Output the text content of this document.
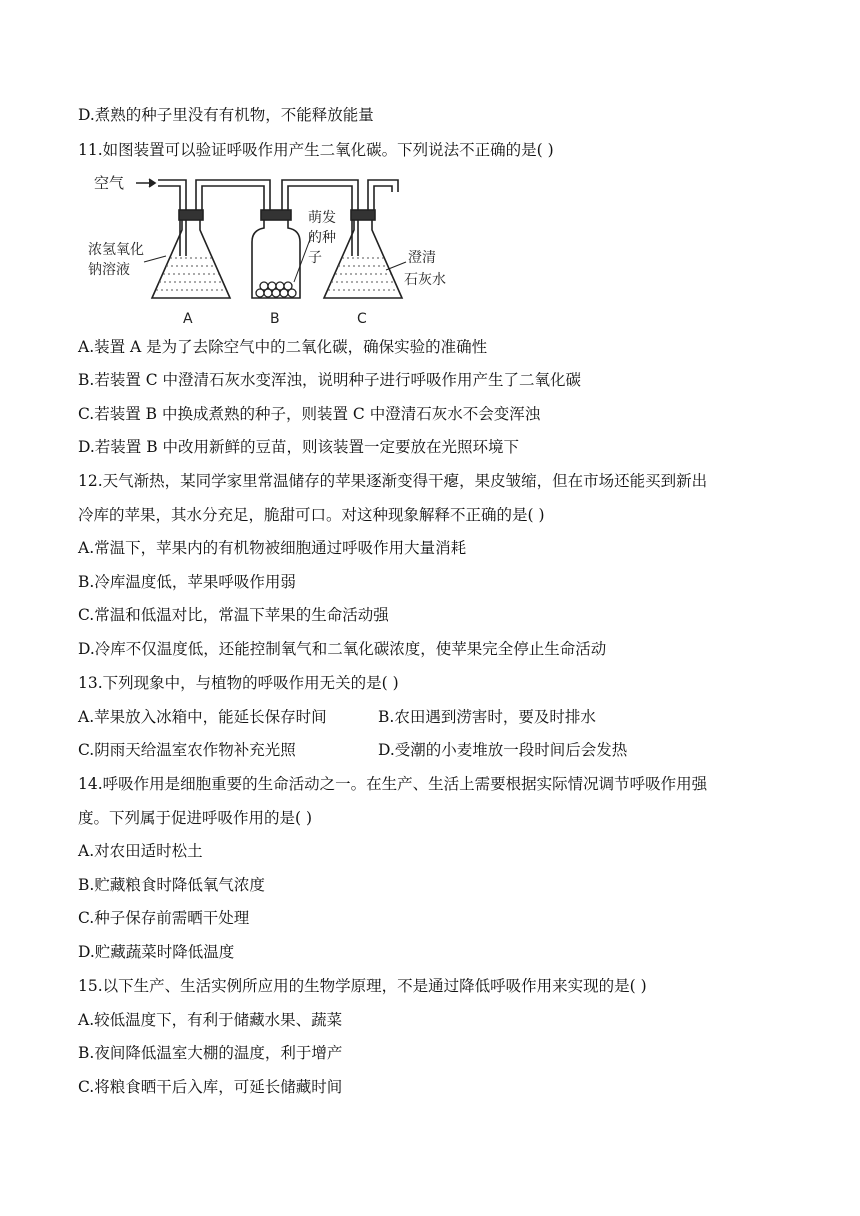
D.煮熟的种子里没有有机物，不能释放能量
11.如图装置可以验证呼吸作用产生二氧化碳。下列说法不正确的是( )
空气
浓氢氧化
钠溶液
萌发
的种
子	澄清
石灰水
A	B	C
A.装置 A 是为了去除空气中的二氧化碳，确保实验的准确性
B.若装置 C 中澄清石灰水变浑浊，说明种子进行呼吸作用产生了二氧化碳
C.若装置 B 中换成煮熟的种子，则装置 C 中澄清石灰水不会变浑浊
D.若装置 B 中改用新鲜的豆苗，则该装置一定要放在光照环境下
12.天气渐热，某同学家里常温储存的苹果逐渐变得干瘪，果皮皱缩，但在市场还能买到新出
冷库的苹果，其水分充足，脆甜可口。对这种现象解释不正确的是( )
A.常温下，苹果内的有机物被细胞通过呼吸作用大量消耗
B.冷库温度低，苹果呼吸作用弱
C.常温和低温对比，常温下苹果的生命活动强
D.冷库不仅温度低，还能控制氧气和二氧化碳浓度，使苹果完全停止生命活动
13.下列现象中，与植物的呼吸作用无关的是( )
A.苹果放入冰箱中，能延长保存时间	B.农田遇到涝害时，要及时排水
C.阴雨天给温室农作物补充光照	D.受潮的小麦堆放一段时间后会发热
14.呼吸作用是细胞重要的生命活动之一。在生产、生活上需要根据实际情况调节呼吸作用强
度。下列属于促进呼吸作用的是( )
A.对农田适时松土
B.贮藏粮食时降低氧气浓度
C.种子保存前需晒干处理
D.贮藏蔬菜时降低温度
15.以下生产、生活实例所应用的生物学原理，不是通过降低呼吸作用来实现的是( )
A.较低温度下，有利于储藏水果、蔬菜
B.夜间降低温室大棚的温度，利于增产
C.将粮食晒干后入库，可延长储藏时间
